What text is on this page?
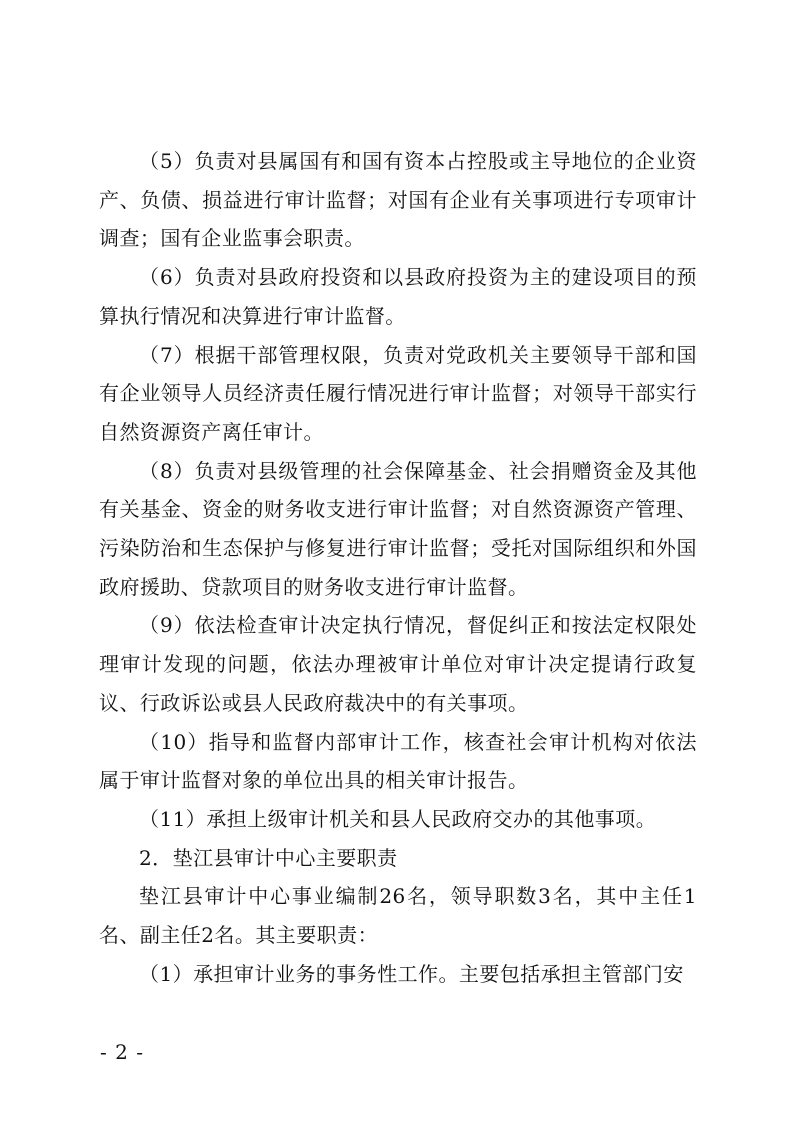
（5）负责对县属国有和国有资本占控股或主导地位的企业资产、负债、损益进行审计监督；对国有企业有关事项进行专项审计调查；国有企业监事会职责。

（6）负责对县政府投资和以县政府投资为主的建设项目的预算执行情况和决算进行审计监督。

（7）根据干部管理权限，负责对党政机关主要领导干部和国有企业领导人员经济责任履行情况进行审计监督；对领导干部实行自然资源资产离任审计。

（8）负责对县级管理的社会保障基金、社会捐赠资金及其他有关基金、资金的财务收支进行审计监督；对自然资源资产管理、污染防治和生态保护与修复进行审计监督；受托对国际组织和外国政府援助、贷款项目的财务收支进行审计监督。

（9）依法检查审计决定执行情况，督促纠正和按法定权限处理审计发现的问题，依法办理被审计单位对审计决定提请行政复议、行政诉讼或县人民政府裁决中的有关事项。

（10）指导和监督内部审计工作，核查社会审计机构对依法属于审计监督对象的单位出具的相关审计报告。

（11）承担上级审计机关和县人民政府交办的其他事项。

2．垫江县审计中心主要职责

垫江县审计中心事业编制26名，领导职数3名，其中主任1名、副主任2名。其主要职责：

（1）承担审计业务的事务性工作。主要包括承担主管部门安

- 2 -
